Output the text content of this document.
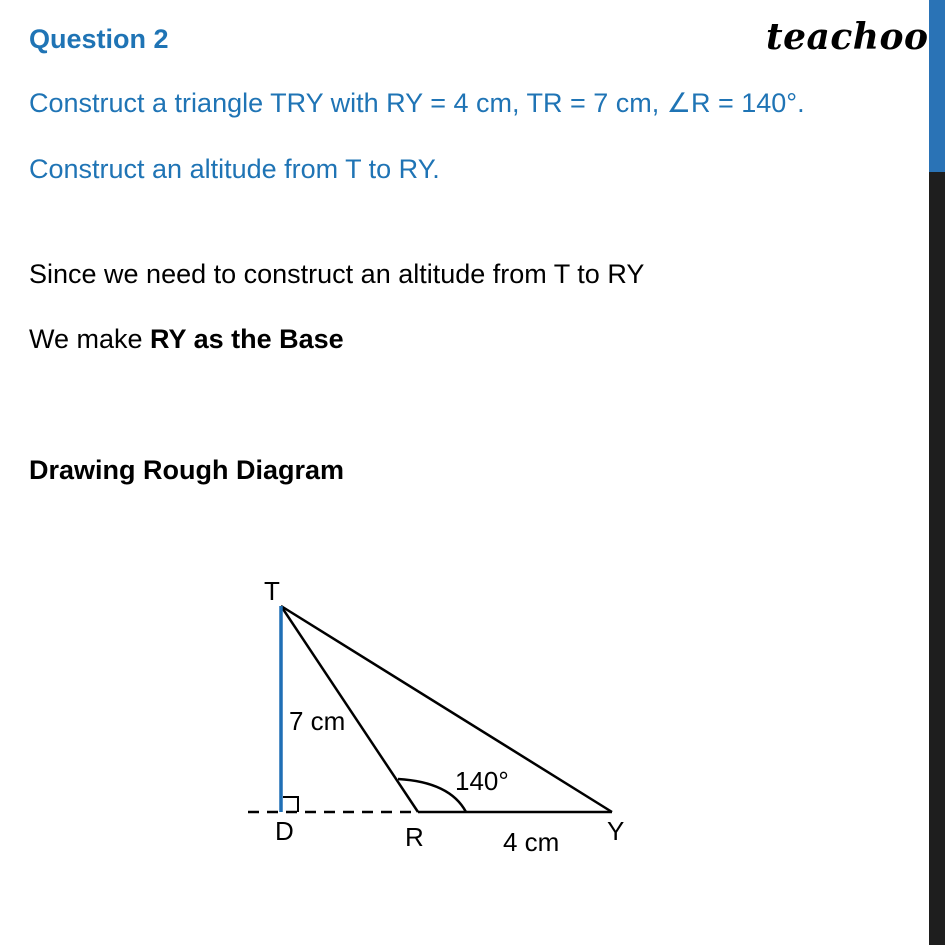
Question 2	teachoo
Construct a triangle TRY with RY = 4 cm, TR = 7 cm, ∠R = 140°.
Construct an altitude from T to RY.
Since we need to construct an altitude from T to RY
We make RY as the Base
Drawing Rough Diagram
T
D	R	Y
7 cm
140°
4 cm
